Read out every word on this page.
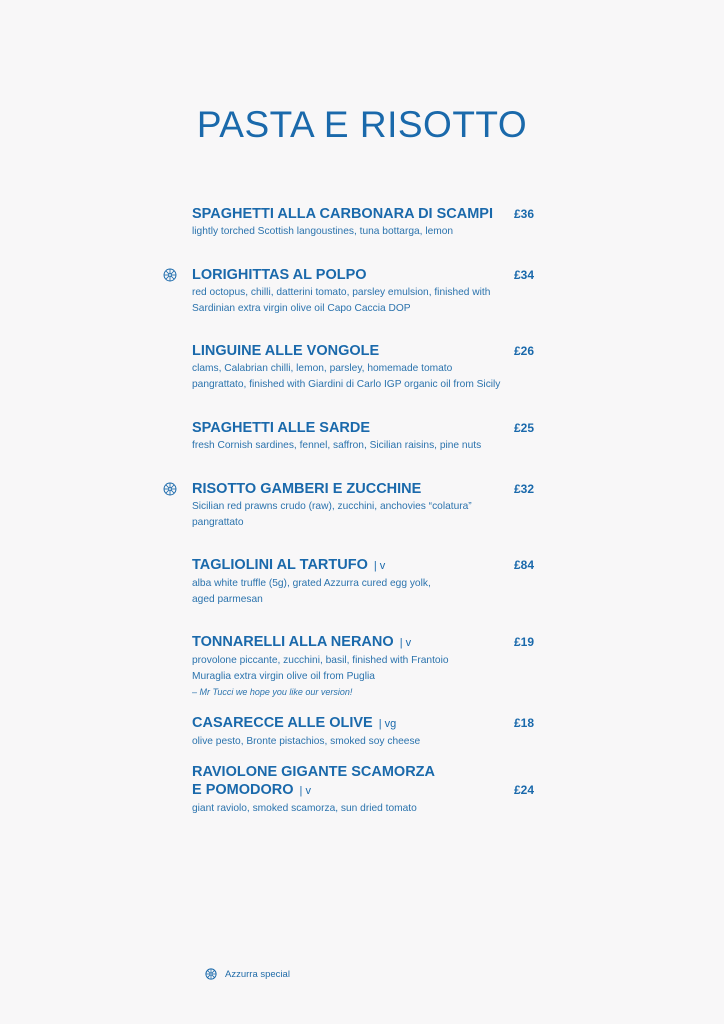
PASTA E RISOTTO
£36

SPAGHETTI ALLA CARBONARA DI SCAMPI

lightly torched Scottish langoustines, tuna bottarga, lemon

£34

LORIGHITTAS AL POLPO

red octopus, chilli, datterini tomato, parsley emulsion, finished with
Sardinian extra virgin olive oil Capo Caccia DOP

£26

LINGUINE ALLE VONGOLE

clams, Calabrian chilli, lemon, parsley, homemade tomato
pangrattato, finished with Giardini di Carlo IGP organic oil from Sicily

£25

SPAGHETTI ALLE SARDE

fresh Cornish sardines, fennel, saffron, Sicilian raisins, pine nuts

£32

RISOTTO GAMBERI E ZUCCHINE

Sicilian red prawns crudo (raw), zucchini, anchovies “colatura”
pangrattato

£84

TAGLIOLINI AL TARTUFO | v

alba white truffle (5g), grated Azzurra cured egg yolk,
aged parmesan

£19

TONNARELLI ALLA NERANO | v

provolone piccante, zucchini, basil, finished with Frantoio
Muraglia extra virgin olive oil from Puglia

– Mr Tucci we hope you like our version!

£18

CASARECCE ALLE OLIVE | vg

olive pesto, Bronte pistachios, smoked soy cheese

£24

RAVIOLONE GIGANTE SCAMORZA
E POMODORO | v

giant raviolo, smoked scamorza, sun dried tomato

Azzurra special
